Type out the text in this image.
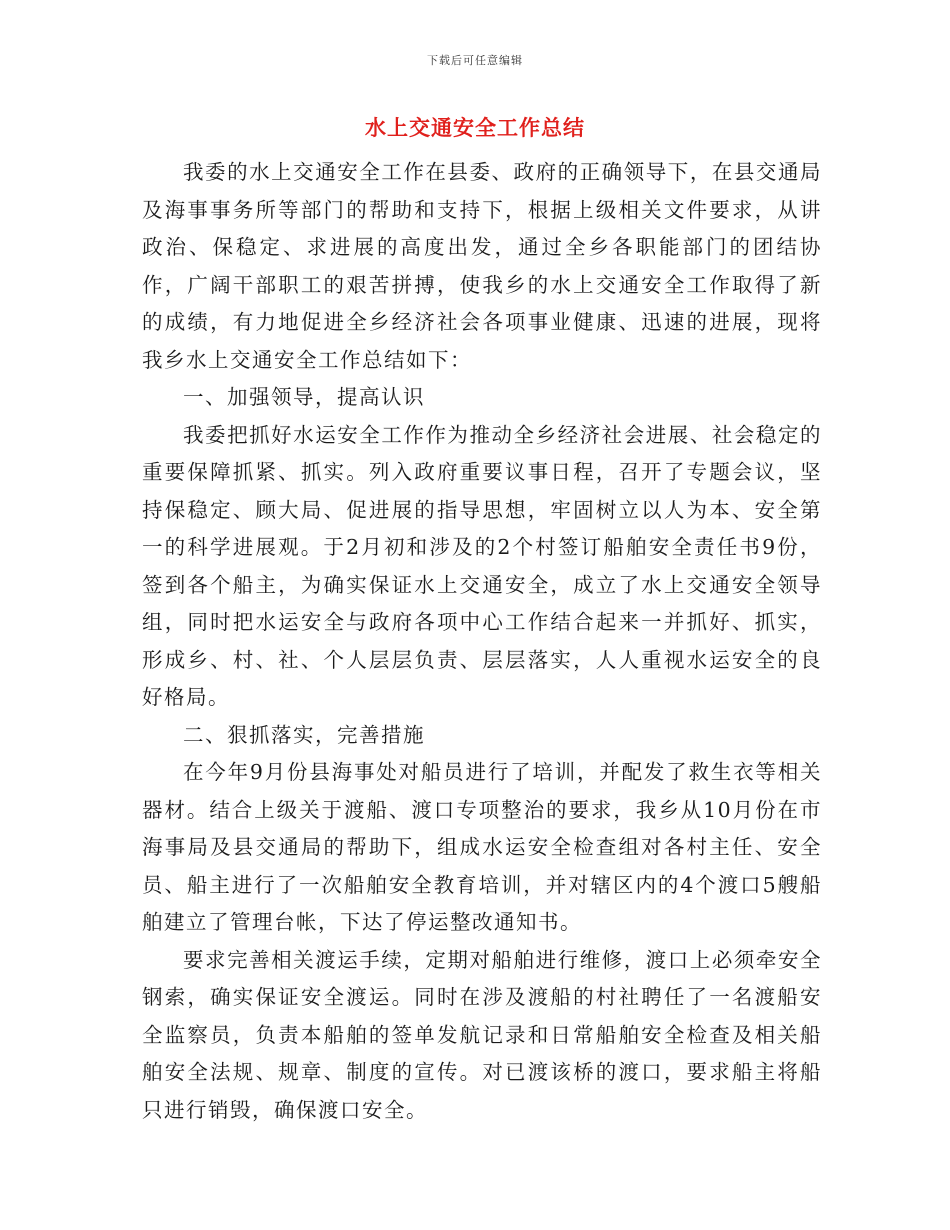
下载后可任意编辑
水上交通安全工作总结

我委的水上交通安全工作在县委、政府的正确领导下，在县交通局及海事事务所等部门的帮助和支持下，根据上级相关文件要求，从讲政治、保稳定、求进展的高度出发，通过全乡各职能部门的团结协作，广阔干部职工的艰苦拼搏，使我乡的水上交通安全工作取得了新的成绩，有力地促进全乡经济社会各项事业健康、迅速的进展，现将我乡水上交通安全工作总结如下：

一、加强领导，提高认识

我委把抓好水运安全工作作为推动全乡经济社会进展、社会稳定的重要保障抓紧、抓实。列入政府重要议事日程，召开了专题会议，坚持保稳定、顾大局、促进展的指导思想，牢固树立以人为本、安全第一的科学进展观。于2月初和涉及的2个村签订船舶安全责任书9份，签到各个船主，为确实保证水上交通安全，成立了水上交通安全领导组，同时把水运安全与政府各项中心工作结合起来一并抓好、抓实，形成乡、村、社、个人层层负责、层层落实，人人重视水运安全的良好格局。

二、狠抓落实，完善措施

在今年9月份县海事处对船员进行了培训，并配发了救生衣等相关器材。结合上级关于渡船、渡口专项整治的要求，我乡从10月份在市海事局及县交通局的帮助下，组成水运安全检查组对各村主任、安全员、船主进行了一次船舶安全教育培训，并对辖区内的4个渡口5艘船舶建立了管理台帐，下达了停运整改通知书。

要求完善相关渡运手续，定期对船舶进行维修，渡口上必须牵安全钢索，确实保证安全渡运。同时在涉及渡船的村社聘任了一名渡船安全监察员，负责本船舶的签单发航记录和日常船舶安全检查及相关船舶安全法规、规章、制度的宣传。对已渡该桥的渡口，要求船主将船只进行销毁，确保渡口安全。
